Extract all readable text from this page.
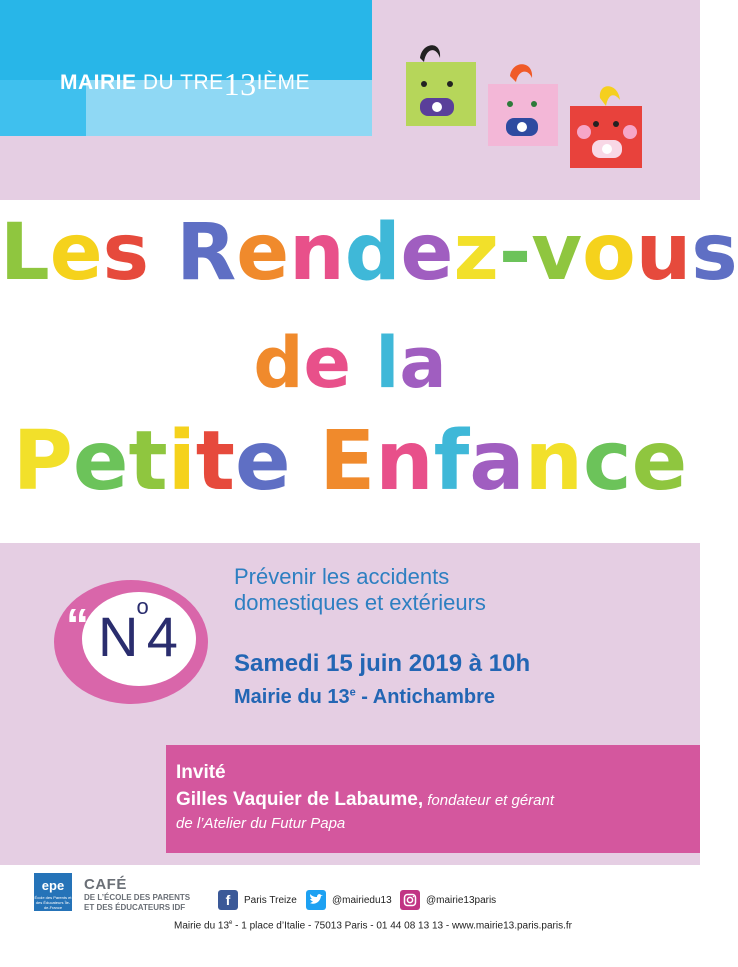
MAIRIE DU TRE13IÈME
Les Rendez-vous
de la
Petite Enfance
“ $N^o4$
Prévenir les accidents
domestiques et extérieurs
Samedi 15 juin 2019 à 10h
Mairie du 13e - Antichambre
Invité
Gilles Vaquier de Labaume, fondateur et gérant
de l’Atelier du Futur Papa
epe
École des Parents et des Éducateurs Île-de-France
CAFÉ
DE L’ÉCOLE DES PARENTS
ET DES ÉDUCATEURS IDF	f	Paris Treize	@mairiedu13	@mairie13paris
Mairie du 13e - 1 place d’Italie - 75013 Paris - 01 44 08 13 13 - www.mairie13.paris.paris.fr
